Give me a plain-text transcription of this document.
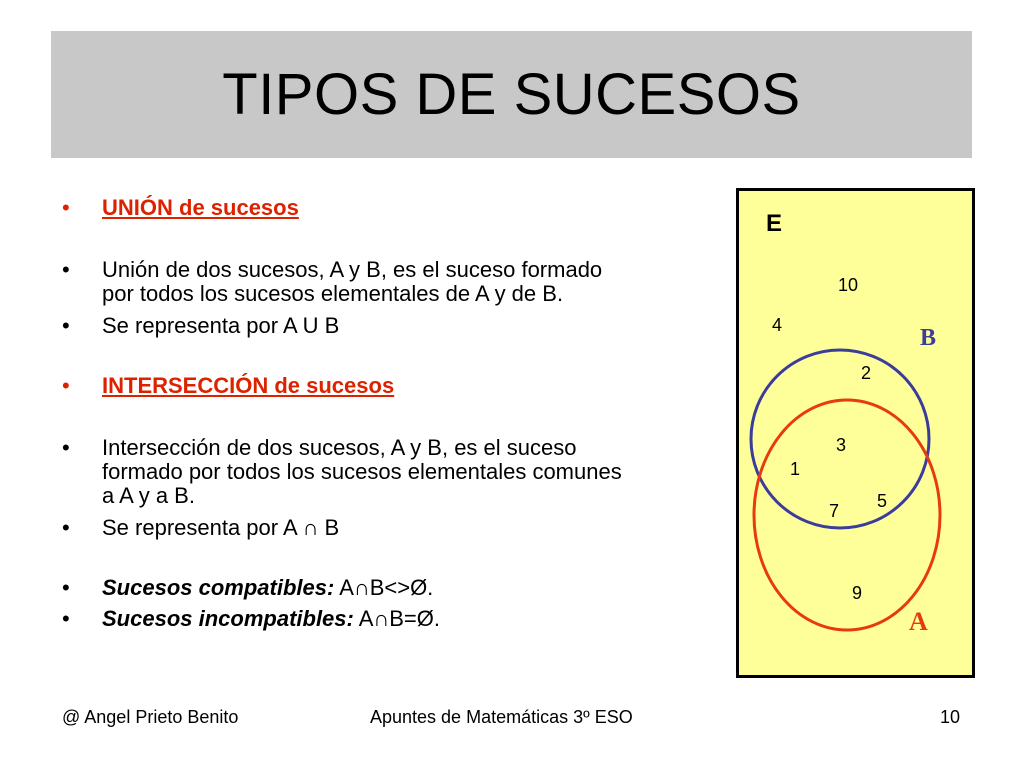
TIPOS DE SUCESOS
•	UNIÓN de sucesos
•	Unión de dos sucesos, A y B, es el suceso formado
por todos los sucesos elementales de A y de B.
•	Se representa por A U B
•	INTERSECCIÓN de sucesos
•	Intersección de dos sucesos, A y B, es el suceso
formado por todos los sucesos elementales comunes
a A y a B.
•	Se representa por A ∩ B
•	Sucesos compatibles: A∩B<>Ø.
•	Sucesos incompatibles: A∩B=Ø.
E
B
A
10
4
2
3
1
7 5
9
@ Angel Prieto Benito	Apuntes de Matemáticas 3º ESO	10
